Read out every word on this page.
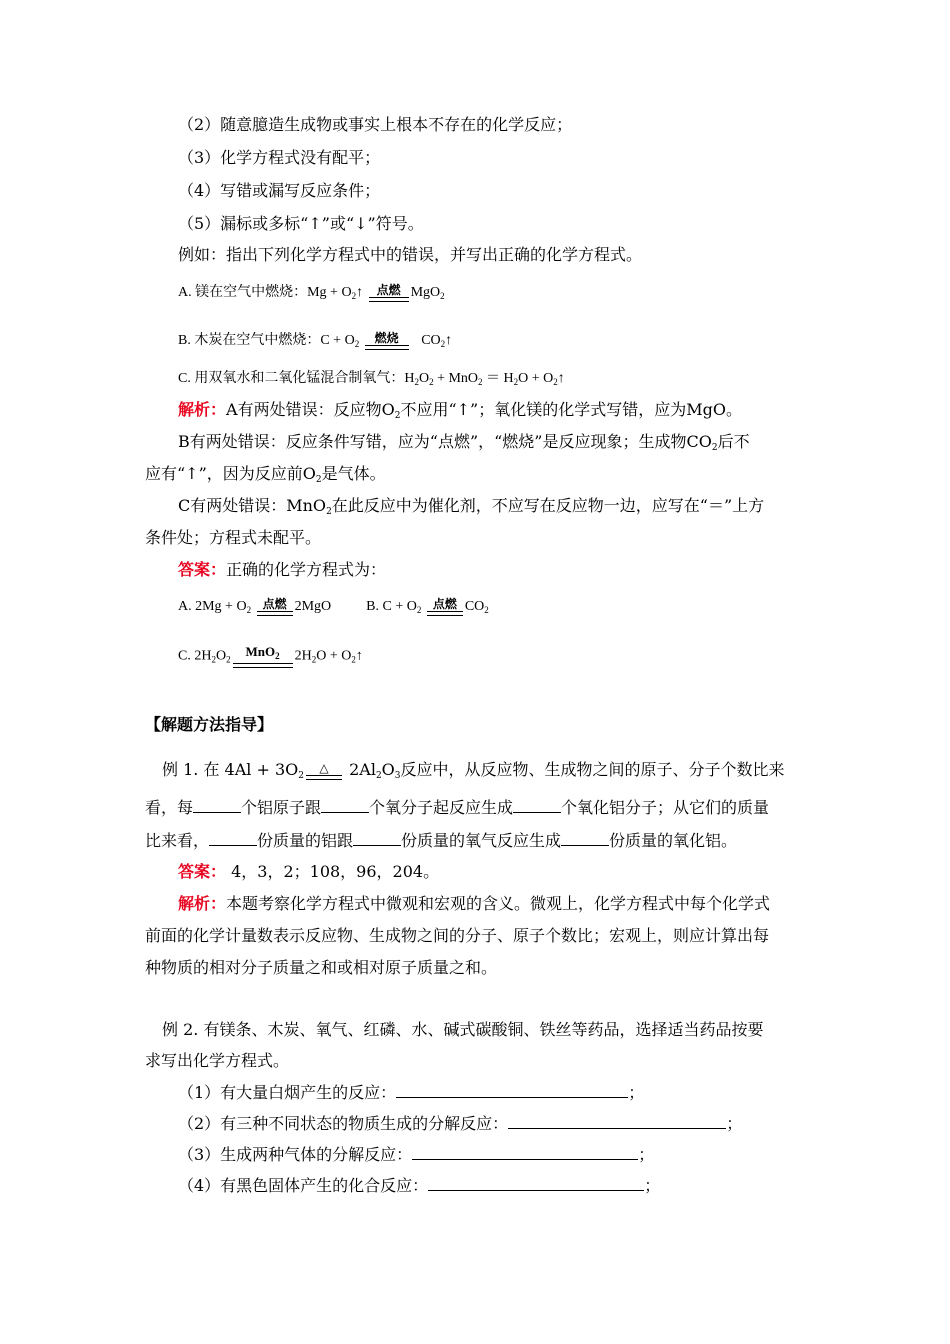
（2）随意臆造生成物或事实上根本不存在的化学反应；
（3）化学方程式没有配平；
（4）写错或漏写反应条件；
（5）漏标或多标“↑”或“↓”符号。
例如：指出下列化学方程式中的错误，并写出正确的化学方程式。
A. 镁在空气中燃烧：$Mg + O_2↑$	点燃 MgO$_2$
B. 木炭在空气中燃烧：$C + O_2$	燃烧	$CO_2↑$
C. 用双氧水和二氧化锰混合制氧气：$H_2O_2 + MnO_2 = H_2O$ + $O_2↑$
解析：A有两处错误：反应物$O_2$不应用“↑”；氧化镁的化学式写错，应为MgO。
B有两处错误：反应条件写错，应为“点燃”，“燃烧”是反应现象；生成物$CO_2$后不
应有“↑”，因为反应前$O_2$是气体。
C有两处错误：MnO$_2$在此反应中为催化剂，不应写在反应物一边，应写在“＝”上方
条件处；方程式未配平。
答案：正确的化学方程式为：
A. $2Mg + O_2$ 点燃 2MgO	B. $C + O_2$ 点燃 $CO_2$
C. $2H_2O_2$
MnO$_2$	$2H_2O$ + $O_2↑$
【解题方法指导】
例 1. 在 $4Al + 3O_2$
△ $2Al_2O_3$反应中，从反应物、生成物之间的原子、分子个数比来
看，每	个铝原子跟	个氧分子起反应生成	个氧化铝分子；从它们的质量
比来看，	份质量的铝跟	份质量的氧气反应生成	份质量的氧化铝。
答案： 4，3，2；108，96，204。
解析：本题考察化学方程式中微观和宏观的含义。微观上，化学方程式中每个化学式
前面的化学计量数表示反应物、生成物之间的分子、原子个数比；宏观上，则应计算出每
种物质的相对分子质量之和或相对原子质量之和。
例 2. 有镁条、木炭、氧气、红磷、水、碱式碳酸铜、铁丝等药品，选择适当药品按要
求写出化学方程式。
（1）有大量白烟产生的反应：	；
（2）有三种不同状态的物质生成的分解反应：	；
（3）生成两种气体的分解反应：	；
（4）有黑色固体产生的化合反应：	；
